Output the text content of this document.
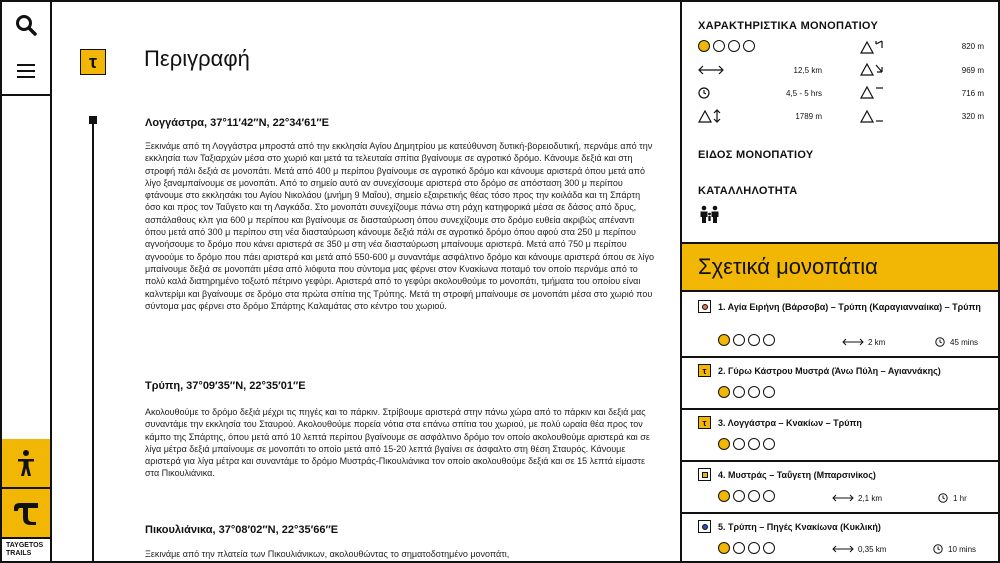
TAYGETOS
TRAILS
τ	Περιγραφή
Λογγάστρα, 37°11′42″N, 22°34′61″E
Ξεκινάμε από τη Λογγάστρα μπροστά από την εκκλησία Αγίου Δημητρίου με κατεύθυνση δυτική-βορειοδυτική, περνάμε από την εκκλησία των Ταξιαρχών μέσα στο χωριό και μετά τα τελευταία σπίτια βγαίνουμε σε αγροτικό δρόμο. Κάνουμε δεξιά και στη στροφή πάλι δεξιά σε μονοπάτι. Μετά από 400 μ περίπου βγαίνουμε σε αγροτικό δρόμο και κάνουμε αριστερά όπου μετά από λίγο ξαναμπαίνουμε σε μονοπάτι. Από το σημείο αυτό αν συνεχίσουμε αριστερά στο δρόμο σε απόσταση 300 μ περίπου φτάνουμε στο εκκλησάκι του Αγίου Νικολάου (μνήμη 9 Μαΐου), σημείο εξαιρετικής θέας τόσο προς την κοιλάδα και τη Σπάρτη όσο και προς τον Ταΰγετο και τη Λαγκάδα. Στο μονοπάτι συνεχίζουμε πάνω στη ράχη κατηφορικά μέσα σε δάσος από δρυς, ασπάλαθους κλπ για 600 μ περίπου και βγαίνουμε σε διασταύρωση όπου συνεχίζουμε στο δρόμο ευθεία ακριβώς απέναντι όπου μετά από 300 μ περίπου στη νέα διασταύρωση κάνουμε δεξιά πάλι σε αγροτικό δρόμο όπου αφού στα 250 μ περίπου αγνοήσουμε το δρόμο που κάνει αριστερά σε 350 μ στη νέα διασταύρωση μπαίνουμε αριστερά. Μετά από 750 μ περίπου αγνοούμε το δρόμο που πάει αριστερά και μετά από 550-600 μ συναντάμε ασφάλτινο δρόμο και κάνουμε αριστερά όπου σε λίγο μπαίνουμε δεξιά σε μονοπάτι μέσα από λιόφυτα που σύντομα μας φέρνει στον Κνακίωνα ποταμό τον οποίο περνάμε από το πολύ καλά διατηρημένο τοξωτό πέτρινο γεφύρι. Αριστερά από το γεφύρι ακολουθούμε το μονοπάτι, τμήματα του οποίου είναι καλντερίμι και βγαίνουμε σε δρόμο στα πρώτα σπίτια της Τρύπης. Μετά τη στροφή μπαίνουμε σε μονοπάτι μέσα στο χωριό που σύντομα μας φέρνει στο δρόμο Σπάρτης Καλαμάτας στο κέντρο του χωριού.
Τρύπη, 37°09′35″N, 22°35′01″E
Ακολουθούμε το δρόμο δεξιά μέχρι τις πηγές και το πάρκιν. Στρίβουμε αριστερά στην πάνω χώρα από το πάρκιν και δεξιά μας συναντάμε την εκκλησία του Σταυρού. Ακολουθούμε πορεία νότια στα επάνω σπίτια του χωριού, με πολύ ωραία θέα προς τον κάμπο της Σπάρτης, όπου μετά από 10 λεπτά περίπου βγαίνουμε σε ασφάλτινο δρόμο τον οποίο ακολουθούμε αριστερά και σε λίγα μέτρα δεξιά μπαίνουμε σε μονοπάτι το οποίο μετά από 15-20 λεπτά βγαίνει σε άσφαλτο στη θέση Σταυρός. Κάνουμε αριστερά για λίγα μέτρα και συναντάμε το δρόμο Μυστράς-Πικουλιάνικα τον οποίο ακολουθούμε δεξιά και σε 15 λεπτά είμαστε στα Πικουλιάνικα.
Πικουλιάνικα, 37°08′02″N, 22°35′66″E
Ξεκινάμε από την πλατεία των Πικουλιάνικων, ακολουθώντας το σηματοδοτημένο μονοπάτι,
ΧΑΡΑΚΤΗΡΙΣΤΙΚΑ ΜΟΝΟΠΑΤΙΟΥ
820 m
12,5 km	969 m
4,5 - 5 hrs	716 m
1789 m	320 m
ΕΙΔΟΣ ΜΟΝΟΠΑΤΙΟΥ
ΚΑΤΑΛΛΗΛΟΤΗΤΑ
Σχετικά μονοπάτια
1. Αγία Ειρήνη (Βάρσοβα) – Τρύπη (Καραγιανναίικα) – Τρύπη
2 km	45 mins
τ	2. Γύρω Κάστρου Μυστρά (Άνω Πύλη – Αγιαννάκης)
τ	3. Λογγάστρα – Κνακίων – Τρύπη
4. Μυστράς – Ταΰγετη (Μπαρσινίκος)
2,1 km	1 hr
5. Τρύπη – Πηγές Κνακίωνα (Κυκλική)
0,35 km	10 mins
